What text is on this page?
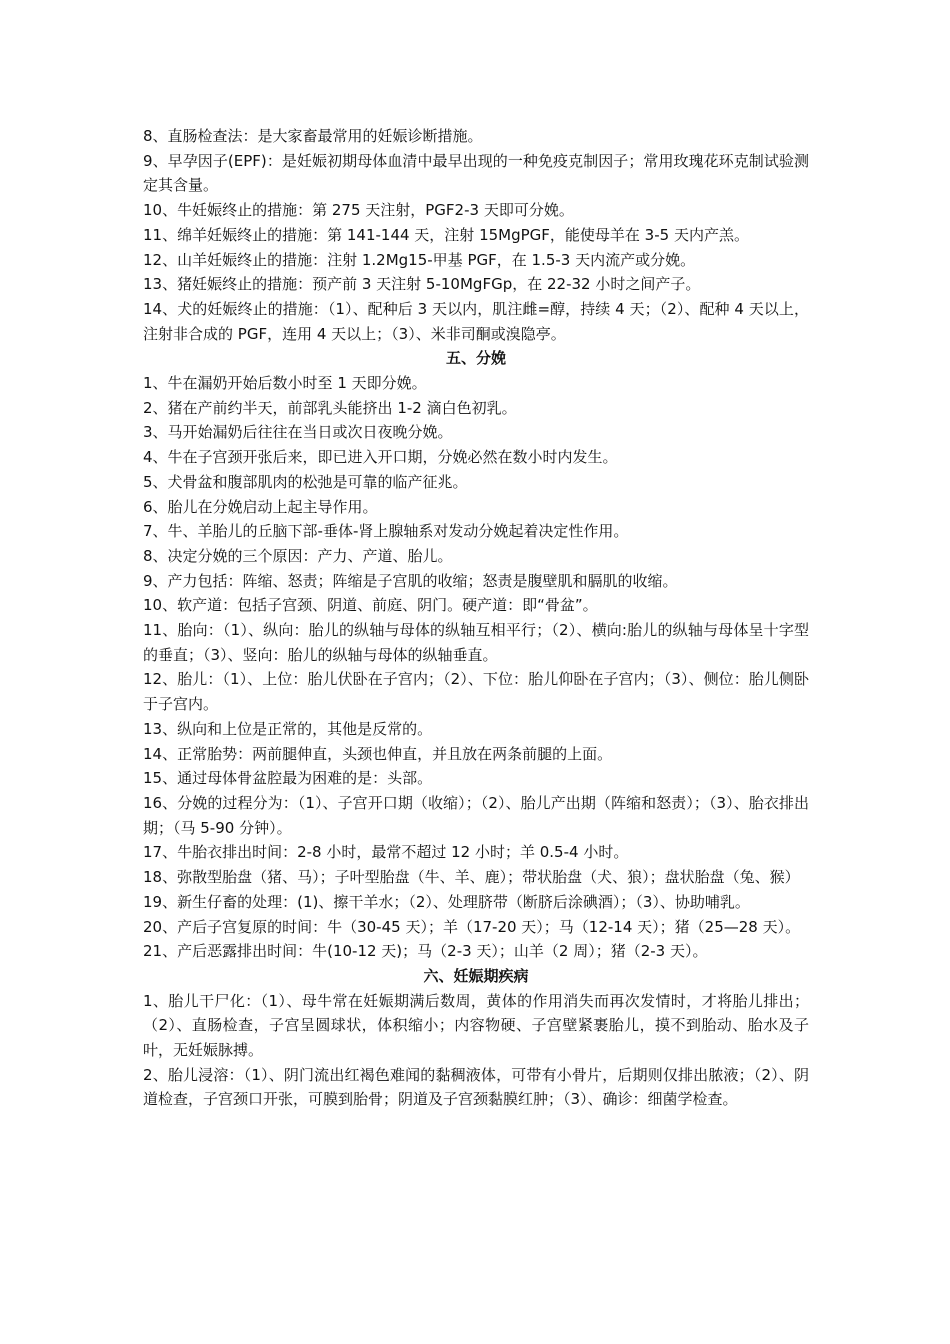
8、直肠检查法：是大家畜最常用的妊娠诊断措施。
9、早孕因子(EPF)：是妊娠初期母体血清中最早出现的一种免疫克制因子；常用玫瑰花环克制试验测定其含量。
10、牛妊娠终止的措施：第 275 天注射，PGF2-3 天即可分娩。
11、绵羊妊娠终止的措施：第 141-144 天，注射 15MgPGF，能使母羊在 3-5 天内产羔。
12、山羊妊娠终止的措施：注射 1.2Mg15-甲基 PGF，在 1.5-3 天内流产或分娩。
13、猪妊娠终止的措施：预产前 3 天注射 5-10MgFGp，在 22-32 小时之间产子。
14、犬的妊娠终止的措施：（1）、配种后 3 天以内，肌注雌=醇，持续 4 天；（2）、配种 4 天以上，注射非合成的 PGF，连用 4 天以上；（3）、米非司酮或溴隐亭。
五、分娩
1、牛在漏奶开始后数小时至 1 天即分娩。
2、猪在产前约半天，前部乳头能挤出 1-2 滴白色初乳。
3、马开始漏奶后往往在当日或次日夜晚分娩。
4、牛在子宫颈开张后来，即已进入开口期，分娩必然在数小时内发生。
5、犬骨盆和腹部肌肉的松弛是可靠的临产征兆。
6、胎儿在分娩启动上起主导作用。
7、牛、羊胎儿的丘脑下部-垂体-肾上腺轴系对发动分娩起着决定性作用。
8、决定分娩的三个原因：产力、产道、胎儿。
9、产力包括：阵缩、怒责；阵缩是子宫肌的收缩；怒责是腹壁肌和膈肌的收缩。
10、软产道：包括子宫颈、阴道、前庭、阴门。硬产道：即“骨盆”。
11、胎向：（1）、纵向：胎儿的纵轴与母体的纵轴互相平行；（2）、横向:胎儿的纵轴与母体呈十字型的垂直；（3）、竖向：胎儿的纵轴与母体的纵轴垂直。
12、胎儿：（1）、上位：胎儿伏卧在子宫内；（2）、下位：胎儿仰卧在子宫内；（3）、侧位：胎儿侧卧于子宫内。
13、纵向和上位是正常的，其他是反常的。
14、正常胎势：两前腿伸直，头颈也伸直，并且放在两条前腿的上面。
15、通过母体骨盆腔最为困难的是：头部。
16、分娩的过程分为：（1）、子宫开口期（收缩）；（2）、胎儿产出期（阵缩和怒责）；（3）、胎衣排出期；（马 5-90 分钟）。
17、牛胎衣排出时间：2-8 小时，最常不超过 12 小时；羊 0.5-4 小时。
18、弥散型胎盘（猪、马）；子叶型胎盘（牛、羊、鹿）；带状胎盘（犬、狼）；盘状胎盘（兔、猴）
19、新生仔畜的处理：(1)、擦干羊水；（2）、处理脐带（断脐后涂碘酒）；（3）、协助哺乳。
20、产后子宫复原的时间：牛（30-45 天）；羊（17-20 天）；马（12-14 天）；猪（25—28 天）。
21、产后恶露排出时间：牛(10-12 天)；马（2-3 天）；山羊（2 周）；猪（2-3 天）。
六、妊娠期疾病
1、胎儿干尸化：（1）、母牛常在妊娠期满后数周，黄体的作用消失而再次发情时，才将胎儿排出；（2）、直肠检查，子宫呈圆球状，体积缩小；内容物硬、子宫壁紧裹胎儿，摸不到胎动、胎水及子叶，无妊娠脉搏。
2、胎儿浸溶：（1）、阴门流出红褐色难闻的黏稠液体，可带有小骨片，后期则仅排出脓液；（2）、阴道检查，子宫颈口开张，可膜到胎骨；阴道及子宫颈黏膜红肿；（3）、确诊：细菌学检查。
